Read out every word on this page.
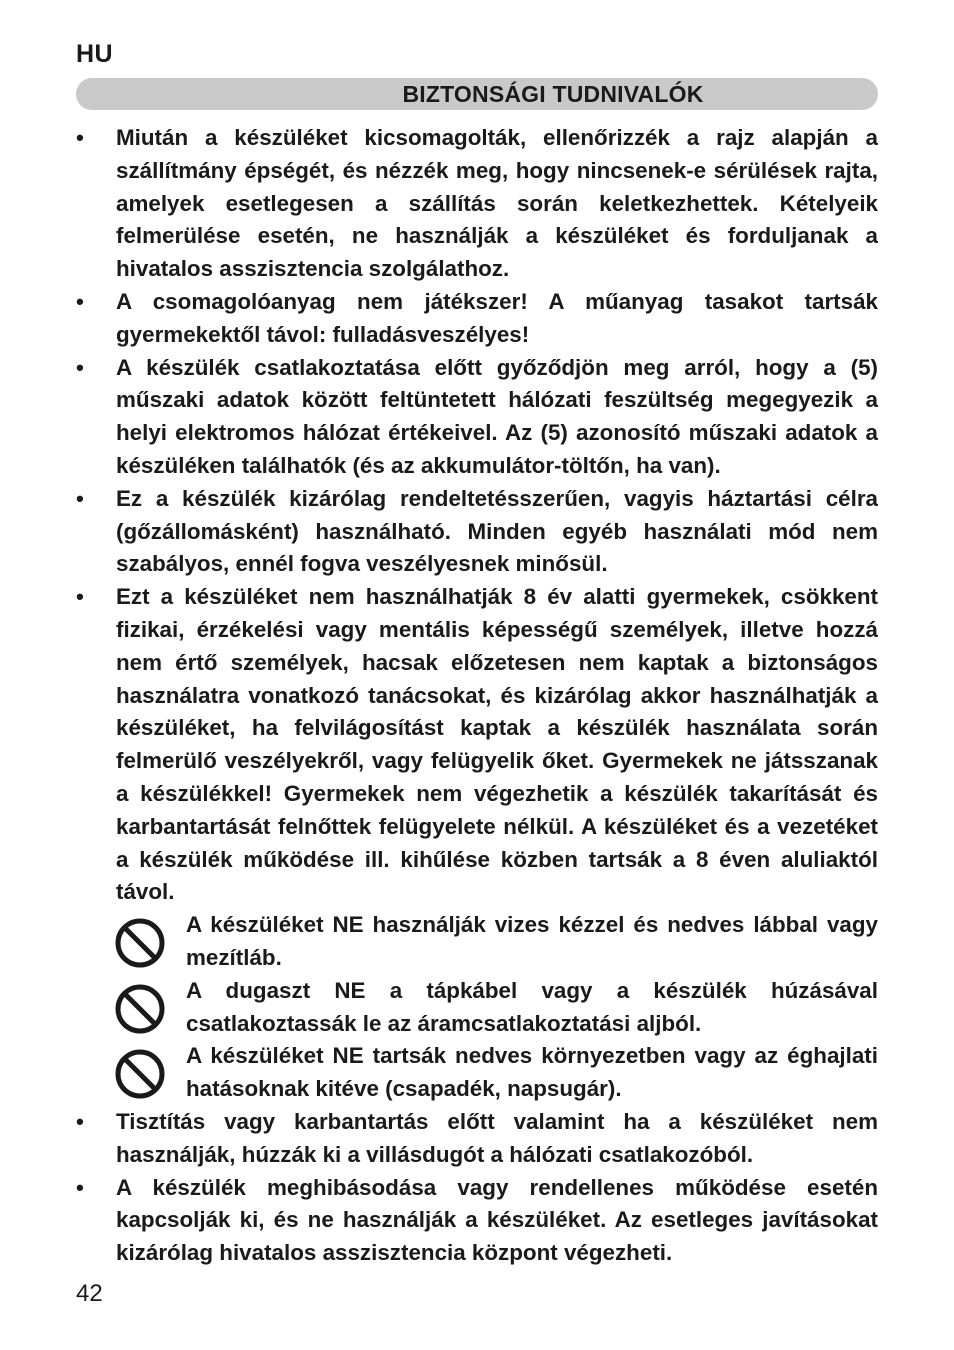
HU
BIZTONSÁGI TUDNIVALÓK
•	Miután a készüléket kicsomagolták, ellenőrizzék a rajz alapján a szállítmány épségét, és nézzék meg, hogy nincsenek-e sérülések rajta, amelyek esetlegesen a szállítás során keletkezhettek. Kételyeik felmerülése esetén, ne használják a készüléket és forduljanak a hivatalos asszisztencia szolgálathoz.
•	A csomagolóanyag nem játékszer! A műanyag tasakot tartsák gyermekektől távol: fulladásveszélyes!
•	A készülék csatlakoztatása előtt győződjön meg arról, hogy a (5) műszaki adatok között feltüntetett hálózati feszültség megegyezik a helyi elektromos hálózat értékeivel. Az (5) azonosító műszaki adatok a készüléken találhatók (és az akkumulátor-töltőn, ha van).
•	Ez a készülék kizárólag rendeltetésszerűen, vagyis háztartási célra (gőzállomásként) használható. Minden egyéb használati mód nem szabályos, ennél fogva veszélyesnek minősül.
•	Ezt a készüléket nem használhatják 8 év alatti gyermekek, csökkent fizikai, érzékelési vagy mentális képességű személyek, illetve hozzá nem értő személyek, hacsak előzetesen nem kaptak a biztonságos használatra vonatkozó tanácsokat, és kizárólag akkor használhatják a készüléket, ha felvilágosítást kaptak a készülék használata során felmerülő veszélyekről, vagy felügyelik őket. Gyermekek ne játsszanak a készülékkel! Gyermekek nem végezhetik a készülék takarítását és karbantartását felnőttek felügyelete nélkül. A készüléket és a vezetéket a készülék működése ill. kihűlése közben tartsák a 8 éven aluliaktól távol.
A készüléket NE használják vizes kézzel és nedves lábbal vagy mezítláb.
A dugaszt NE a tápkábel vagy a készülék húzásával csatlakoztassák le az áramcsatlakoztatási aljból.
A készüléket NE tartsák nedves környezetben vagy az éghajlati hatásoknak kitéve (csapadék, napsugár).
•	Tisztítás vagy karbantartás előtt valamint ha a készüléket nem használják, húzzák ki a villásdugót a hálózati csatlakozóból.
•	A készülék meghibásodása vagy rendellenes működése esetén kapcsolják ki, és ne használják a készüléket. Az esetleges javításokat kizárólag hivatalos asszisztencia központ végezheti.
42
